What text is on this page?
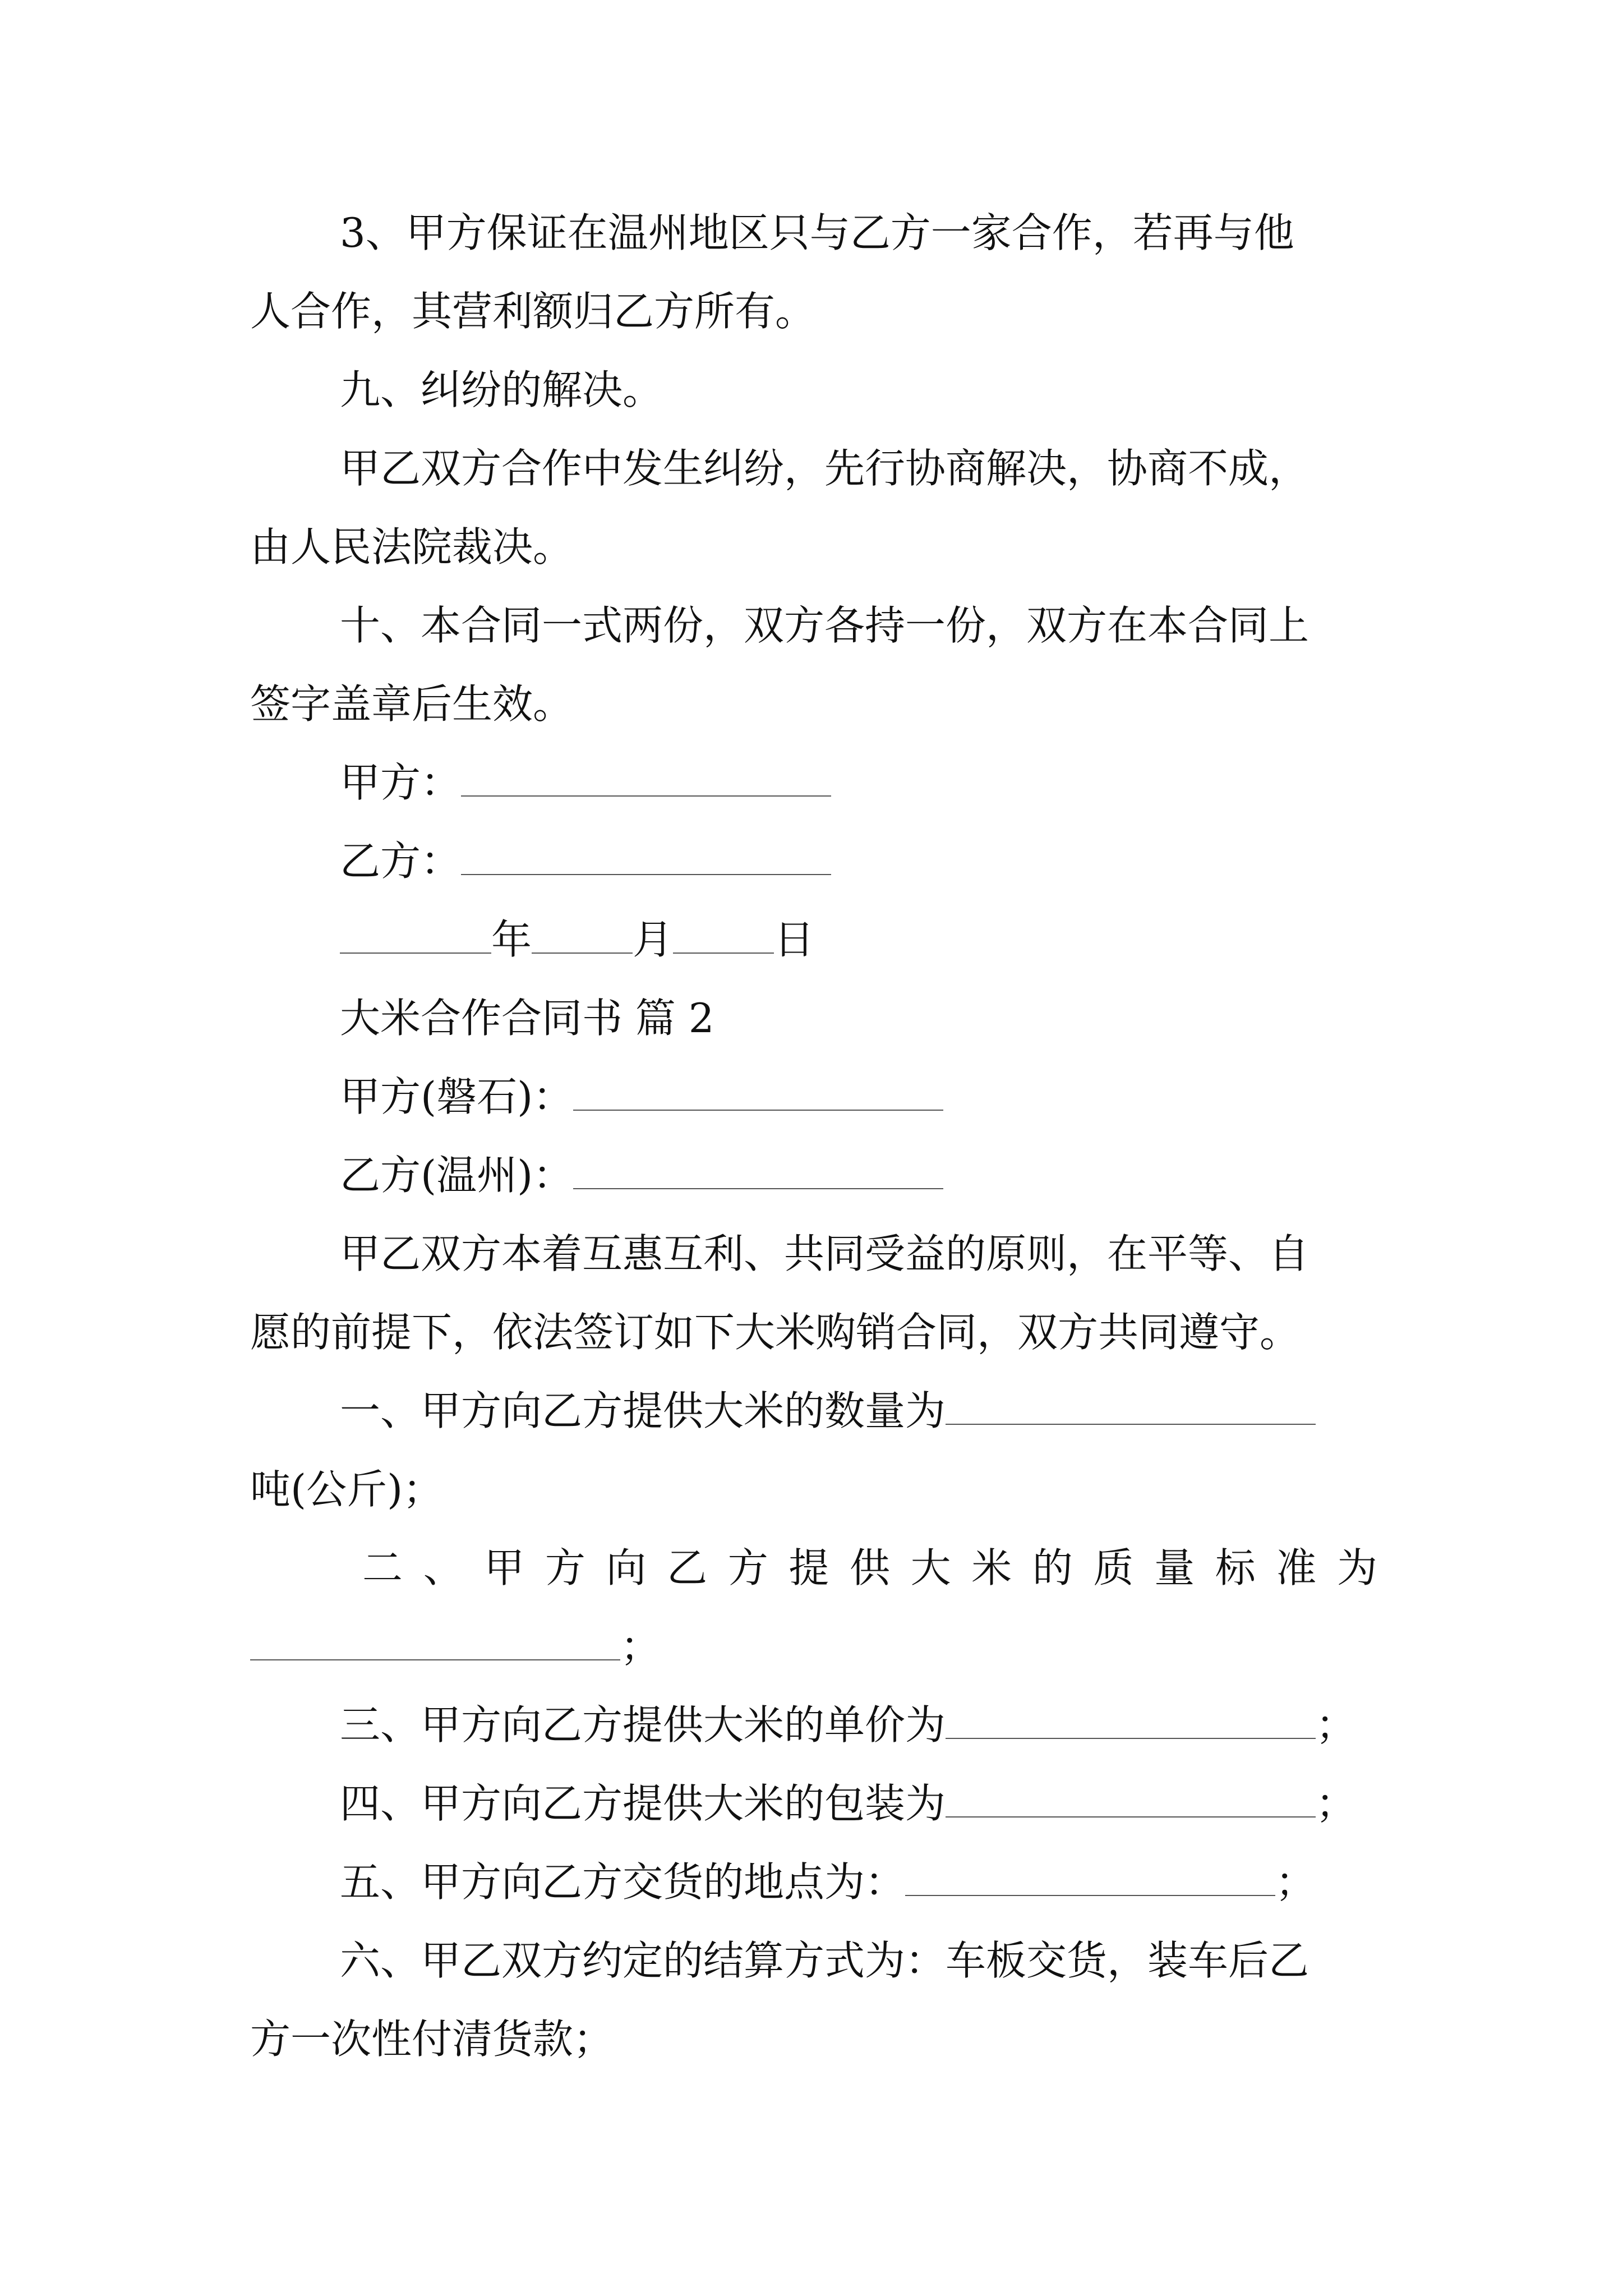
3、甲方保证在温州地区只与乙方一家合作，若再与他

人合作，其营利额归乙方所有。

九、纠纷的解决。

甲乙双方合作中发生纠纷，先行协商解决，协商不成，

由人民法院裁决。

十、本合同一式两份，双方各持一份，双方在本合同上

签字盖章后生效。

甲方：

乙方：

年	月	日

大米合作合同书 篇 2

甲方(磐石)：

乙方(温州)：

甲乙双方本着互惠互利、共同受益的原则，在平等、自

愿的前提下，依法签订如下大米购销合同，双方共同遵守。

一、甲方向乙方提供大米的数量为

吨(公斤)；

二 、 甲 方 向 乙 方 提 供 大 米 的 质 量 标 准 为

；

三、甲方向乙方提供大米的单价为	；

四、甲方向乙方提供大米的包装为	；

五、甲方向乙方交货的地点为：	；

六、甲乙双方约定的结算方式为：车板交货，装车后乙

方一次性付清货款；
